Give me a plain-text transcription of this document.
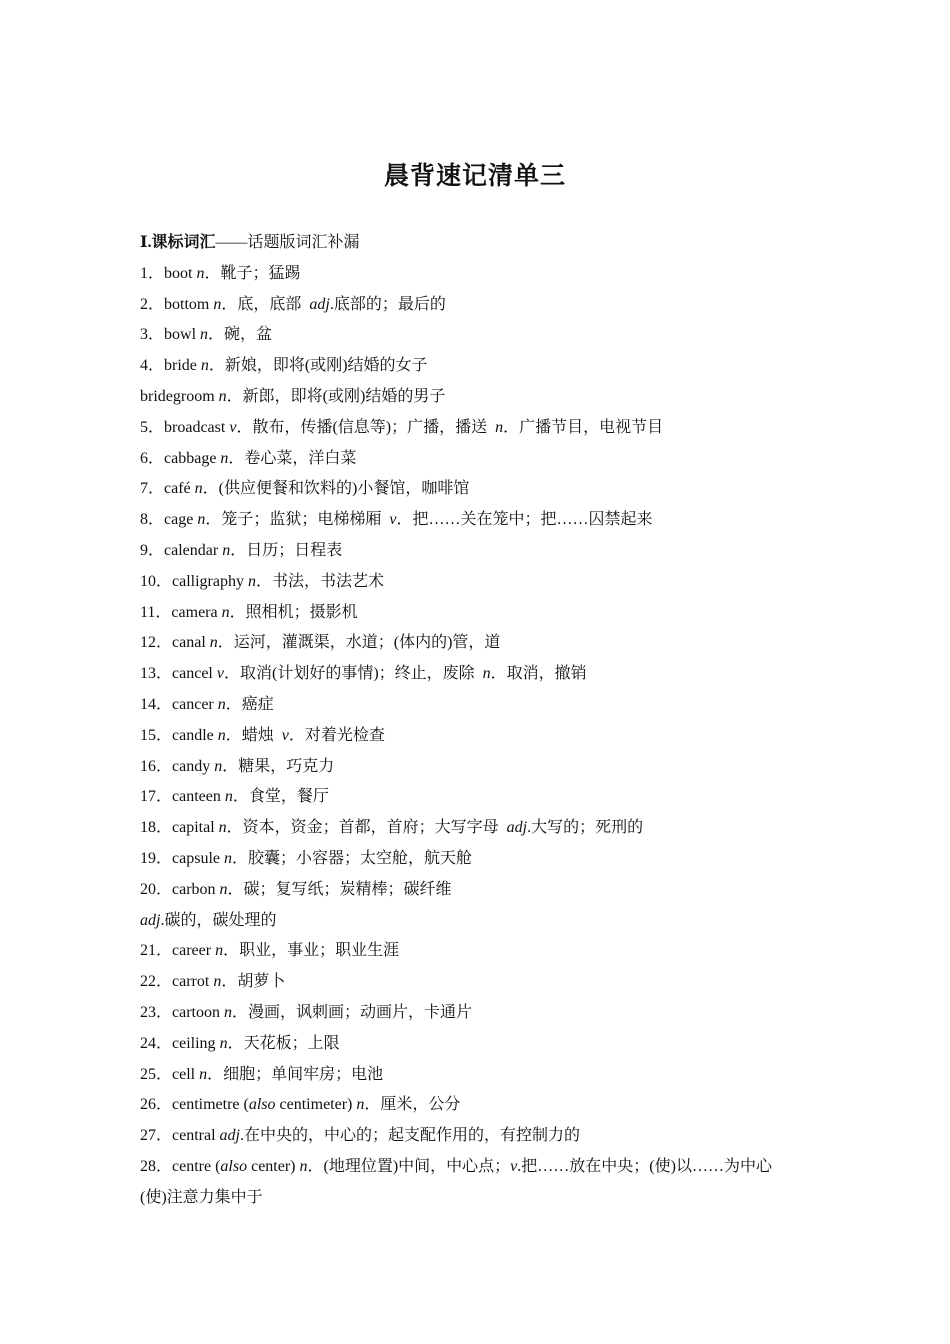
晨背速记清单三
Ⅰ.课标词汇——话题版词汇补漏
1．boot n．靴子；猛踢
2．bottom n．底，底部  adj.底部的；最后的
3．bowl n．碗，盆
4．bride n．新娘，即将(或刚)结婚的女子
bridegroom n．新郎，即将(或刚)结婚的男子
5．broadcast v．散布，传播(信息等)；广播，播送  n．广播节目，电视节目
6．cabbage n．卷心菜，洋白菜
7．café n．(供应便餐和饮料的)小餐馆，咖啡馆
8．cage n．笼子；监狱；电梯梯厢  v．把……关在笼中；把……囚禁起来
9．calendar n．日历；日程表
10．calligraphy n．书法，书法艺术
11．camera n．照相机；摄影机
12．canal n．运河，灌溉渠，水道；(体内的)管，道
13．cancel v．取消(计划好的事情)；终止，废除  n．取消，撤销
14．cancer n．癌症
15．candle n．蜡烛  v．对着光检查
16．candy n．糖果，巧克力
17．canteen n．食堂，餐厅
18．capital n．资本，资金；首都，首府；大写字母  adj.大写的；死刑的
19．capsule n．胶囊；小容器；太空舱，航天舱
20．carbon n．碳；复写纸；炭精棒；碳纤维
adj.碳的，碳处理的
21．career n．职业，事业；职业生涯
22．carrot n．胡萝卜
23．cartoon n．漫画，讽刺画；动画片，卡通片
24．ceiling n．天花板；上限
25．cell n．细胞；单间牢房；电池
26．centimetre (also centimeter) n．厘米，公分
27．central adj.在中央的，中心的；起支配作用的，有控制力的
28．centre (also center) n．(地理位置)中间，中心点；v.把……放在中央；(使)以……为中心
(使)注意力集中于
